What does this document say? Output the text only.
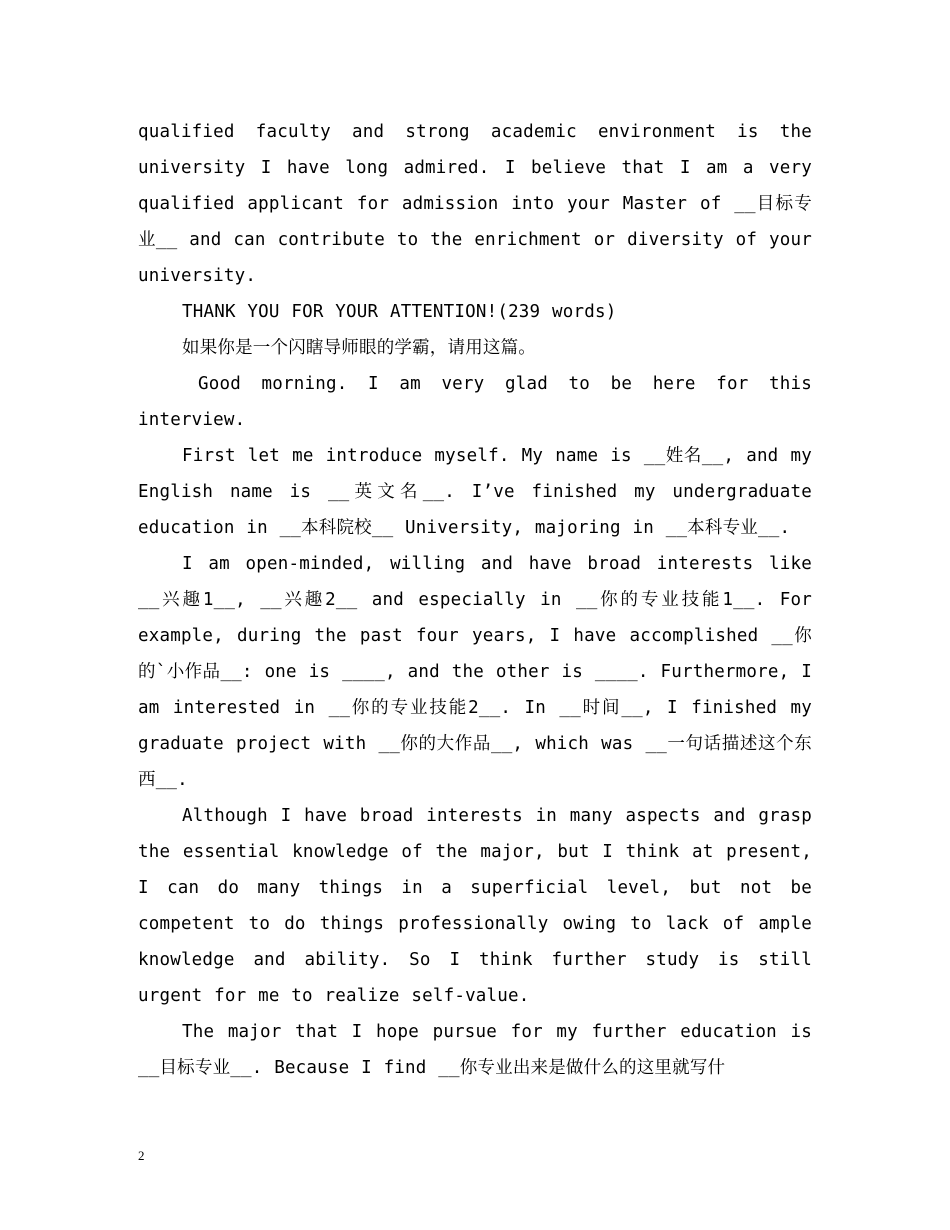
qualified faculty and strong academic environment is the university I have long admired. I believe that I am a very qualified applicant for admission into your Master of __目标专业__ and can contribute to the enrichment or diversity of your university.

THANK YOU FOR YOUR ATTENTION!(239 words)

如果你是一个闪瞎导师眼的学霸，请用这篇。

Good morning. I am very glad to be here for this interview.

First let me introduce myself. My name is __姓名__, and my English name is __英文名__. I’ve finished my undergraduate education in __本科院校__ University, majoring in __本科专业__.

I am open-minded, willing and have broad interests like __兴趣1__, __兴趣2__ and especially in __你的专业技能1__. For example, during the past four years, I have accomplished __你的`小作品__: one is ____, and the other is ____. Furthermore, I am interested in __你的专业技能2__. In __时间__, I finished my graduate project with __你的大作品__, which was __一句话描述这个东西__.

Although I have broad interests in many aspects and grasp the essential knowledge of the major, but I think at present, I can do many things in a superficial level, but not be competent to do things professionally owing to lack of ample knowledge and ability. So I think further study is still urgent for me to realize self-value.

The major that I hope pursue for my further education is __目标专业__. Because I find __你专业出来是做什么的这里就写什

2
